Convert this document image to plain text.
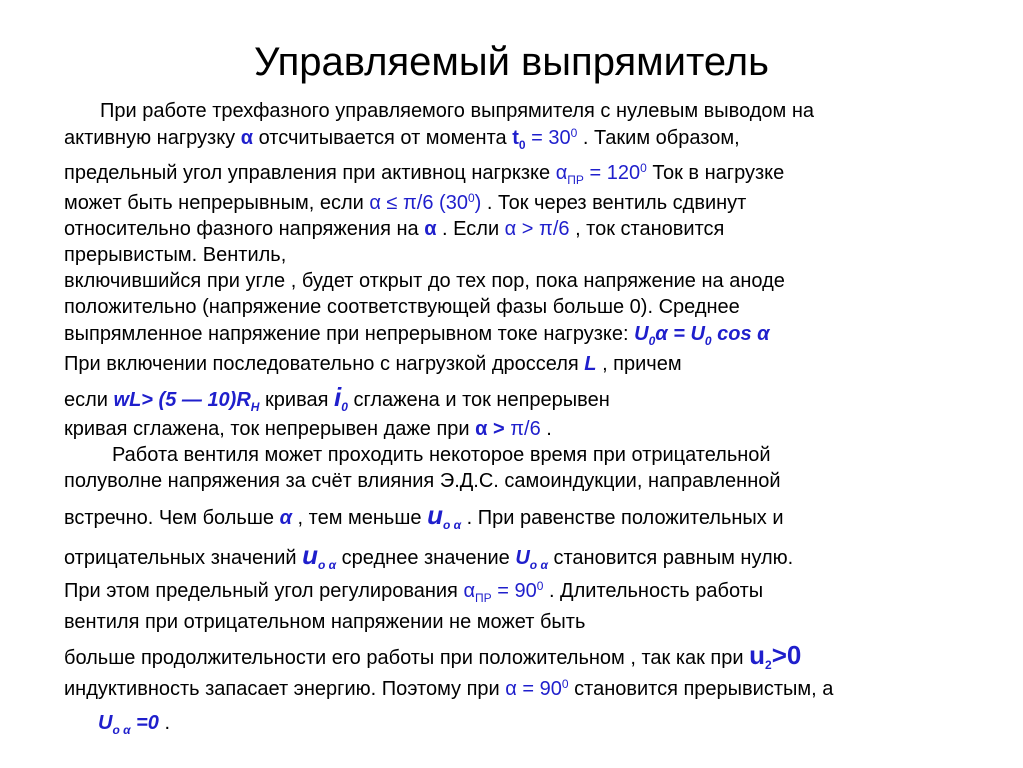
Управляемый выпрямитель
При работе трехфазного управляемого выпрямителя с нулевым выводом на
активную нагрузку α отсчитывается от момента $t_0 = 30^0$ . Таким образом,
предельный угол управления при активноц нагркзке $\alpha_{ПР} = 120^0$ Ток в нагрузке
может быть непрерывным, если α ≤ π/6 $(30^0)$ . Ток через вентиль сдвинут
относительно фазного напряжения на α . Если α > π/6 , ток становится
прерывистым. Вентиль,
включившийся при угле , будет открыт до тех пор, пока напряжение на аноде
положительно (напряжение соответствующей фазы больше 0). Среднее
выпрямленное напряжение при непрерывном токе нагрузке: $U_0\alpha = U_0$ cos α
При включении последовательно с нагрузкой дросселя L , причем
если wL> (5 — $10)R_Н$ кривая $i_0$ сглажена и ток непрерывен
кривая сглажена, ток непрерывен даже при α > π/6 .
Работа вентиля может проходить некоторое время при отрицательной
полуволне напряжения за счёт влияния Э.Д.С. самоиндукции, направленной
встречно. Чем больше α , тем меньше $u_{о \alpha}$ . При равенстве положительных и
отрицательных значений $u_{о \alpha}$ среднее значение $U_{о \alpha}$ становится равным нулю.
При этом предельный угол регулирования $\alpha_{ПР} = 90^0$ . Длительность работы
вентиля при отрицательном напряжении не может быть
больше продолжительности его работы при положительном , так как при $u_2>0$
индуктивность запасает энергию. Поэтому при $\alpha = 90^0$ становится прерывистым, а
$U_{о \alpha} =0$ .
